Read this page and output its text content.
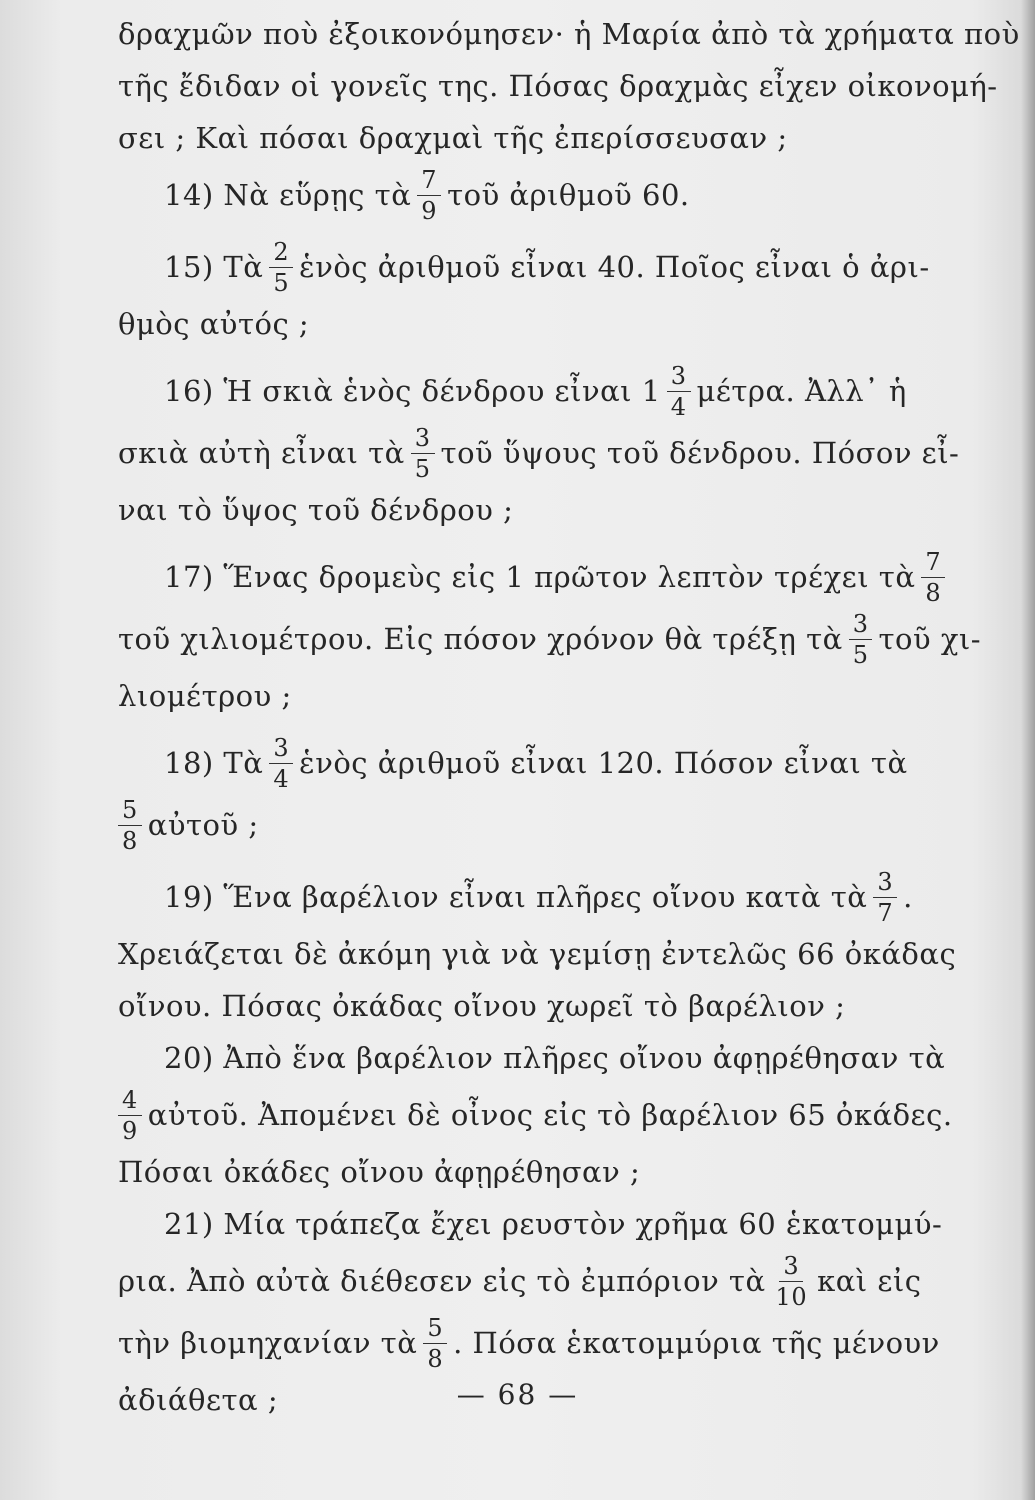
δραχμῶν ποὺ ἐξοικονόμησεν· ἡ Μαρία ἀπὸ τὰ χρήματα ποὺ
τῆς ἔδιδαν οἱ γονεῖς της. Πόσας δραχμὰς εἶχεν οἰκονομή-
σει ; Καὶ πόσαι δραχμαὶ τῆς ἐπερίσσευσαν ;
14) Νὰ εὕρῃς τὰ $\frac{7}{9}$ τοῦ ἀριθμοῦ 60.
15) Τὰ $\frac{2}{5}$ ἑνὸς ἀριθμοῦ εἶναι 40. Ποῖος εἶναι ὁ ἀρι-
θμὸς αὐτός ;
16) Ἡ σκιὰ ἑνὸς δένδρου εἶναι $1 \frac{3}{4} \mu έ\tau\rho\alpha$. Ἀλλ᾿ ἡ
σκιὰ αὐτὴ εἶναι τὰ $\frac{3}{5}$ τοῦ ὕψους τοῦ δένδρου. Πόσον εἶ-
ναι τὸ ὕψος τοῦ δένδρου ;
17) Ἕνας δρομεὺς εἰς 1 πρῶτον λεπτὸν τρέχει τὰ $\frac{7}{8}$
τοῦ χιλιομέτρου. Εἰς πόσον χρόνον θὰ τρέξῃ τὰ $\frac{3}{5}$ τοῦ χι-
λιομέτρου ;
18) Τὰ $\frac{3}{4}$ ἑνὸς ἀριθμοῦ εἶναι 120. Πόσον εἶναι τὰ
$\frac{5}{8}$ αὐτοῦ ;
19) Ἕνα βαρέλιον εἶναι πλῆρες οἴνου κατὰ τὰ $\frac{3}{7}$ .
Χρειάζεται δὲ ἀκόμη γιὰ νὰ γεμίσῃ ἐντελῶς 66 ὀκάδας
οἴνου. Πόσας ὀκάδας οἴνου χωρεῖ τὸ βαρέλιον ;
20) Ἀπὸ ἕνα βαρέλιον πλῆρες οἴνου ἀφῃρέθησαν τὰ
$\frac{4}{9}$ αὐτοῦ. Ἀπομένει δὲ οἶνος εἰς τὸ βαρέλιον 65 ὀκάδες.
Πόσαι ὀκάδες οἴνου ἀφῃρέθησαν ;
21) Μία τράπεζα ἔχει ρευστὸν χρῆμα 60 ἑκατομμύ-
ρια. Ἀπὸ αὐτὰ διέθεσεν εἰς τὸ ἐμπόριον τὰ $\frac{3}{10}$ καὶ εἰς
τὴν βιομηχανίαν τὰ $\frac{5}{8}$ . Πόσα ἑκατομμύρια τῆς μένουν
ἀδιάθετα ;	— 68 —
